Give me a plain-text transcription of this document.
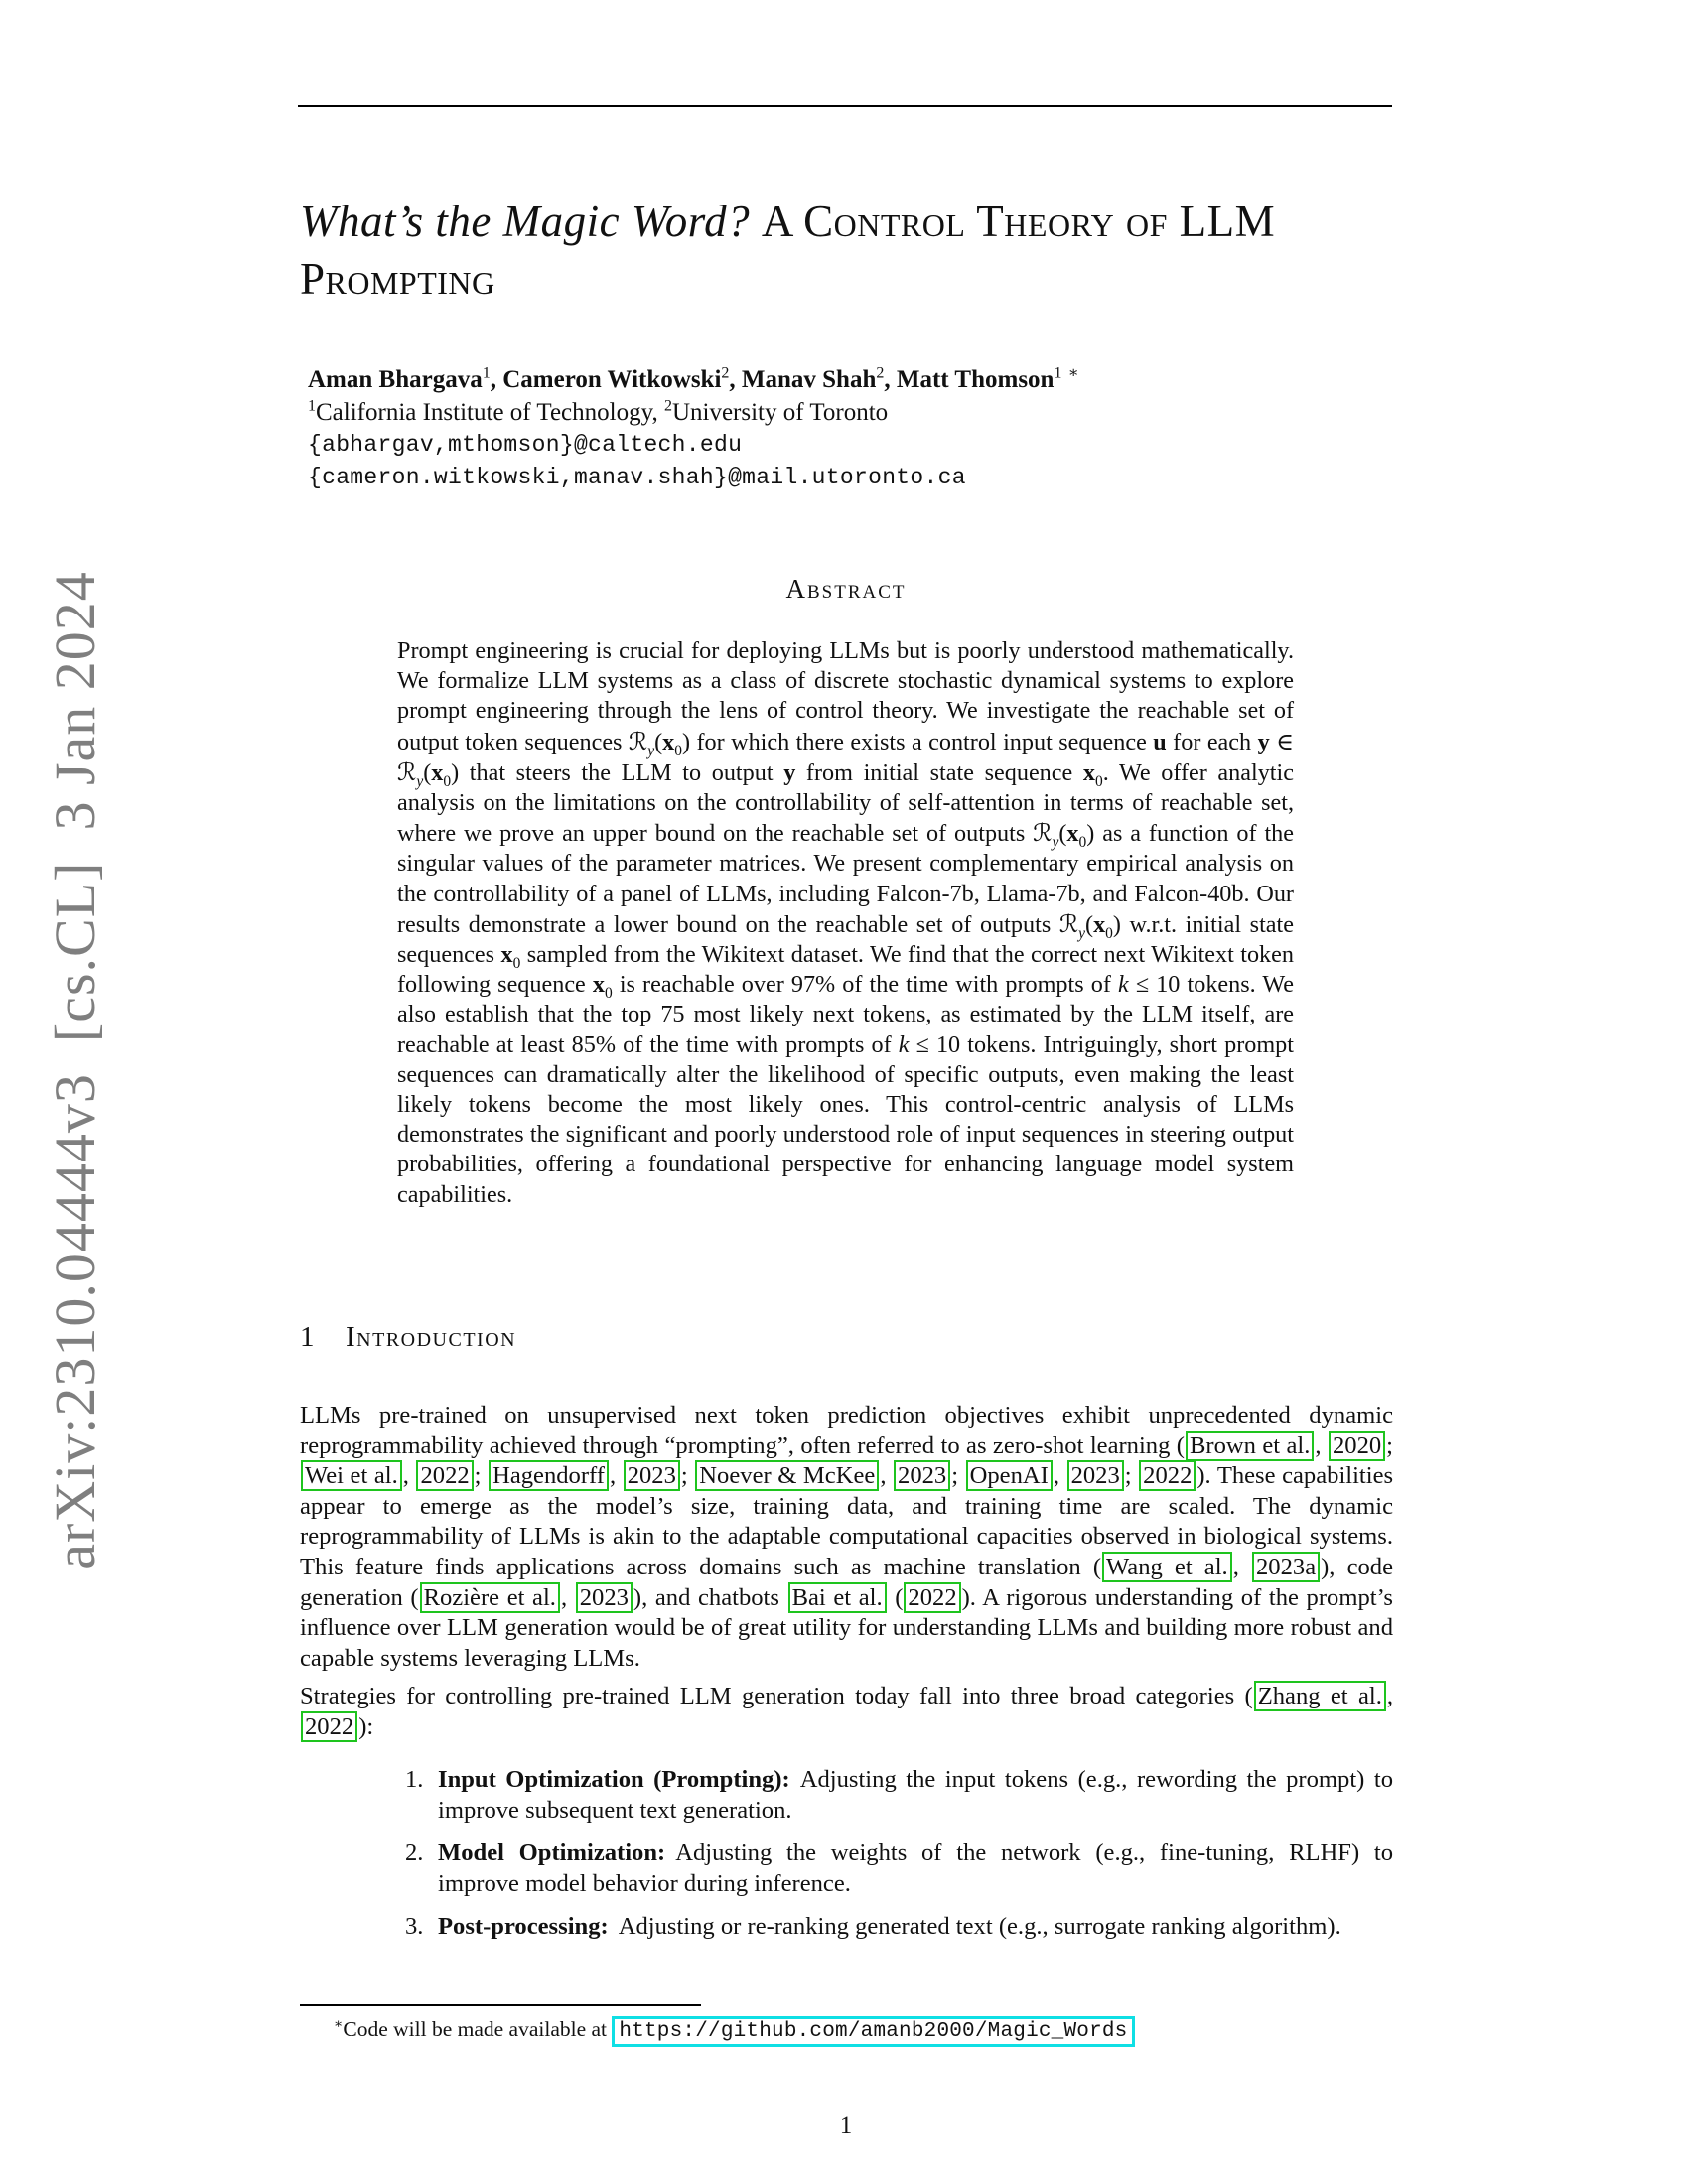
arXiv:2310.04444v3  [cs.CL]  3 Jan 2024
What’s the Magic Word? A Control Theory of LLM Prompting
Aman Bhargava$^1$, Cameron Witkowski$^2$, Manav Shah$^2$, Matt Thomson$^1$ ∗
$^1$California Institute of Technology, $^2$University of Toronto
{abhargav,mthomson}@caltech.edu
{cameron.witkowski,manav.shah}@mail.utoronto.ca
Abstract
Prompt engineering is crucial for deploying LLMs but is poorly understood mathematically. We formalize LLM systems as a class of discrete stochastic dynamical systems to explore prompt engineering through the lens of control theory. We investigate the reachable set of output token sequences $ℛ_y(x_0)$ for which there exists a control input sequence u for each y ∈ $ℛ_y(x_0)$ that steers the LLM to output y from initial state sequence $x_0$. We offer analytic analysis on the limitations on the controllability of self-attention in terms of reachable set, where we prove an upper bound on the reachable set of outputs $ℛ_y(x_0)$ as a function of the singular values of the parameter matrices. We present complementary empirical analysis on the controllability of a panel of LLMs, including Falcon-7b, Llama-7b, and Falcon-40b. Our results demonstrate a lower bound on the reachable set of outputs $ℛ_y(x_0)$ w.r.t. initial state sequences $x_0$ sampled from the Wikitext dataset. We find that the correct next Wikitext token following sequence $x_0$ is reachable over 97% of the time with prompts of k ≤ 10 tokens. We also establish that the top 75 most likely next tokens, as estimated by the LLM itself, are reachable at least 85% of the time with prompts of k ≤ 10 tokens. Intriguingly, short prompt sequences can dramatically alter the likelihood of specific outputs, even making the least likely tokens become the most likely ones. This control-centric analysis of LLMs demonstrates the significant and poorly understood role of input sequences in steering output probabilities, offering a foundational perspective for enhancing language model system capabilities.
1 Introduction
LLMs pre-trained on unsupervised next token prediction objectives exhibit unprecedented dynamic reprogrammability achieved through “prompting”, often referred to as zero-shot learning ( Brown et al. , 2020 ; Wei et al. , 2022 ; Hagendorff , 2023 ; Noever & McKee , 2023 ; OpenAI , 2023 ; 2022 ). These capabilities appear to emerge as the model’s size, training data, and training time are scaled. The dynamic reprogrammability of LLMs is akin to the adaptable computational capacities observed in biological systems. This feature finds applications across domains such as machine translation ( Wang et al. , 2023a ), code generation ( Rozière et al. , 2023 ), and chatbots Bai et al. ( 2022 ). A rigorous understanding of the prompt’s influence over LLM generation would be of great utility for understanding LLMs and building more robust and capable systems leveraging LLMs.
Strategies for controlling pre-trained LLM generation today fall into three broad categories ( Zhang et al. , 2022 ):
1. Input Optimization (Prompting): Adjusting the input tokens (e.g., rewording the prompt) to improve subsequent text generation.
2. Model Optimization: Adjusting the weights of the network (e.g., fine-tuning, RLHF) to improve model behavior during inference.
3. Post-processing: Adjusting or re-ranking generated text (e.g., surrogate ranking algorithm).
∗Code will be made available at https://github.com/amanb2000/Magic_Words
1
